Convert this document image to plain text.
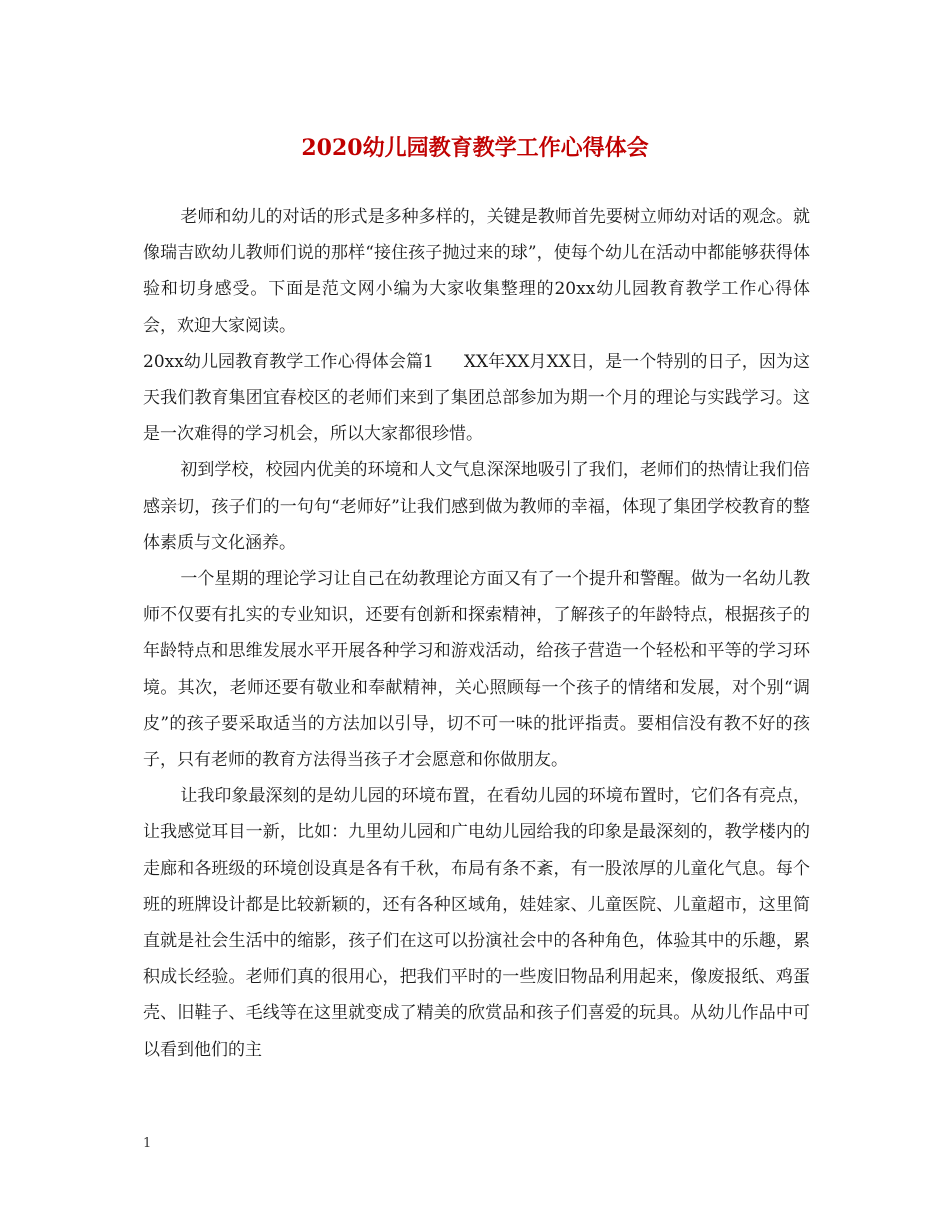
2020幼儿园教育教学工作心得体会

老师和幼儿的对话的形式是多种多样的，关键是教师首先要树立师幼对话的观念。就像瑞吉欧幼儿教师们说的那样“接住孩子抛过来的球”，使每个幼儿在活动中都能够获得体验和切身感受。下面是范文网小编为大家收集整理的20xx幼儿园教育教学工作心得体会，欢迎大家阅读。

20xx幼儿园教育教学工作心得体会篇1 XX年XX月XX日，是一个特别的日子，因为这天我们教育集团宜春校区的老师们来到了集团总部参加为期一个月的理论与实践学习。这是一次难得的学习机会，所以大家都很珍惜。

初到学校，校园内优美的环境和人文气息深深地吸引了我们，老师们的热情让我们倍感亲切，孩子们的一句句“老师好”让我们感到做为教师的幸福，体现了集团学校教育的整体素质与文化涵养。

一个星期的理论学习让自己在幼教理论方面又有了一个提升和警醒。做为一名幼儿教师不仅要有扎实的专业知识，还要有创新和探索精神，了解孩子的年龄特点，根据孩子的年龄特点和思维发展水平开展各种学习和游戏活动，给孩子营造一个轻松和平等的学习环境。其次，老师还要有敬业和奉献精神，关心照顾每一个孩子的情绪和发展，对个别“调皮”的孩子要采取适当的方法加以引导，切不可一味的批评指责。要相信没有教不好的孩子，只有老师的教育方法得当孩子才会愿意和你做朋友。

让我印象最深刻的是幼儿园的环境布置，在看幼儿园的环境布置时，它们各有亮点，让我感觉耳目一新，比如：九里幼儿园和广电幼儿园给我的印象是最深刻的，教学楼内的走廊和各班级的环境创设真是各有千秋，布局有条不紊，有一股浓厚的儿童化气息。每个班的班牌设计都是比较新颖的，还有各种区域角，娃娃家、儿童医院、儿童超市，这里简直就是社会生活中的缩影，孩子们在这可以扮演社会中的各种角色，体验其中的乐趣，累积成长经验。老师们真的很用心，把我们平时的一些废旧物品利用起来，像废报纸、鸡蛋壳、旧鞋子、毛线等在这里就变成了精美的欣赏品和孩子们喜爱的玩具。从幼儿作品中可以看到他们的主

1
